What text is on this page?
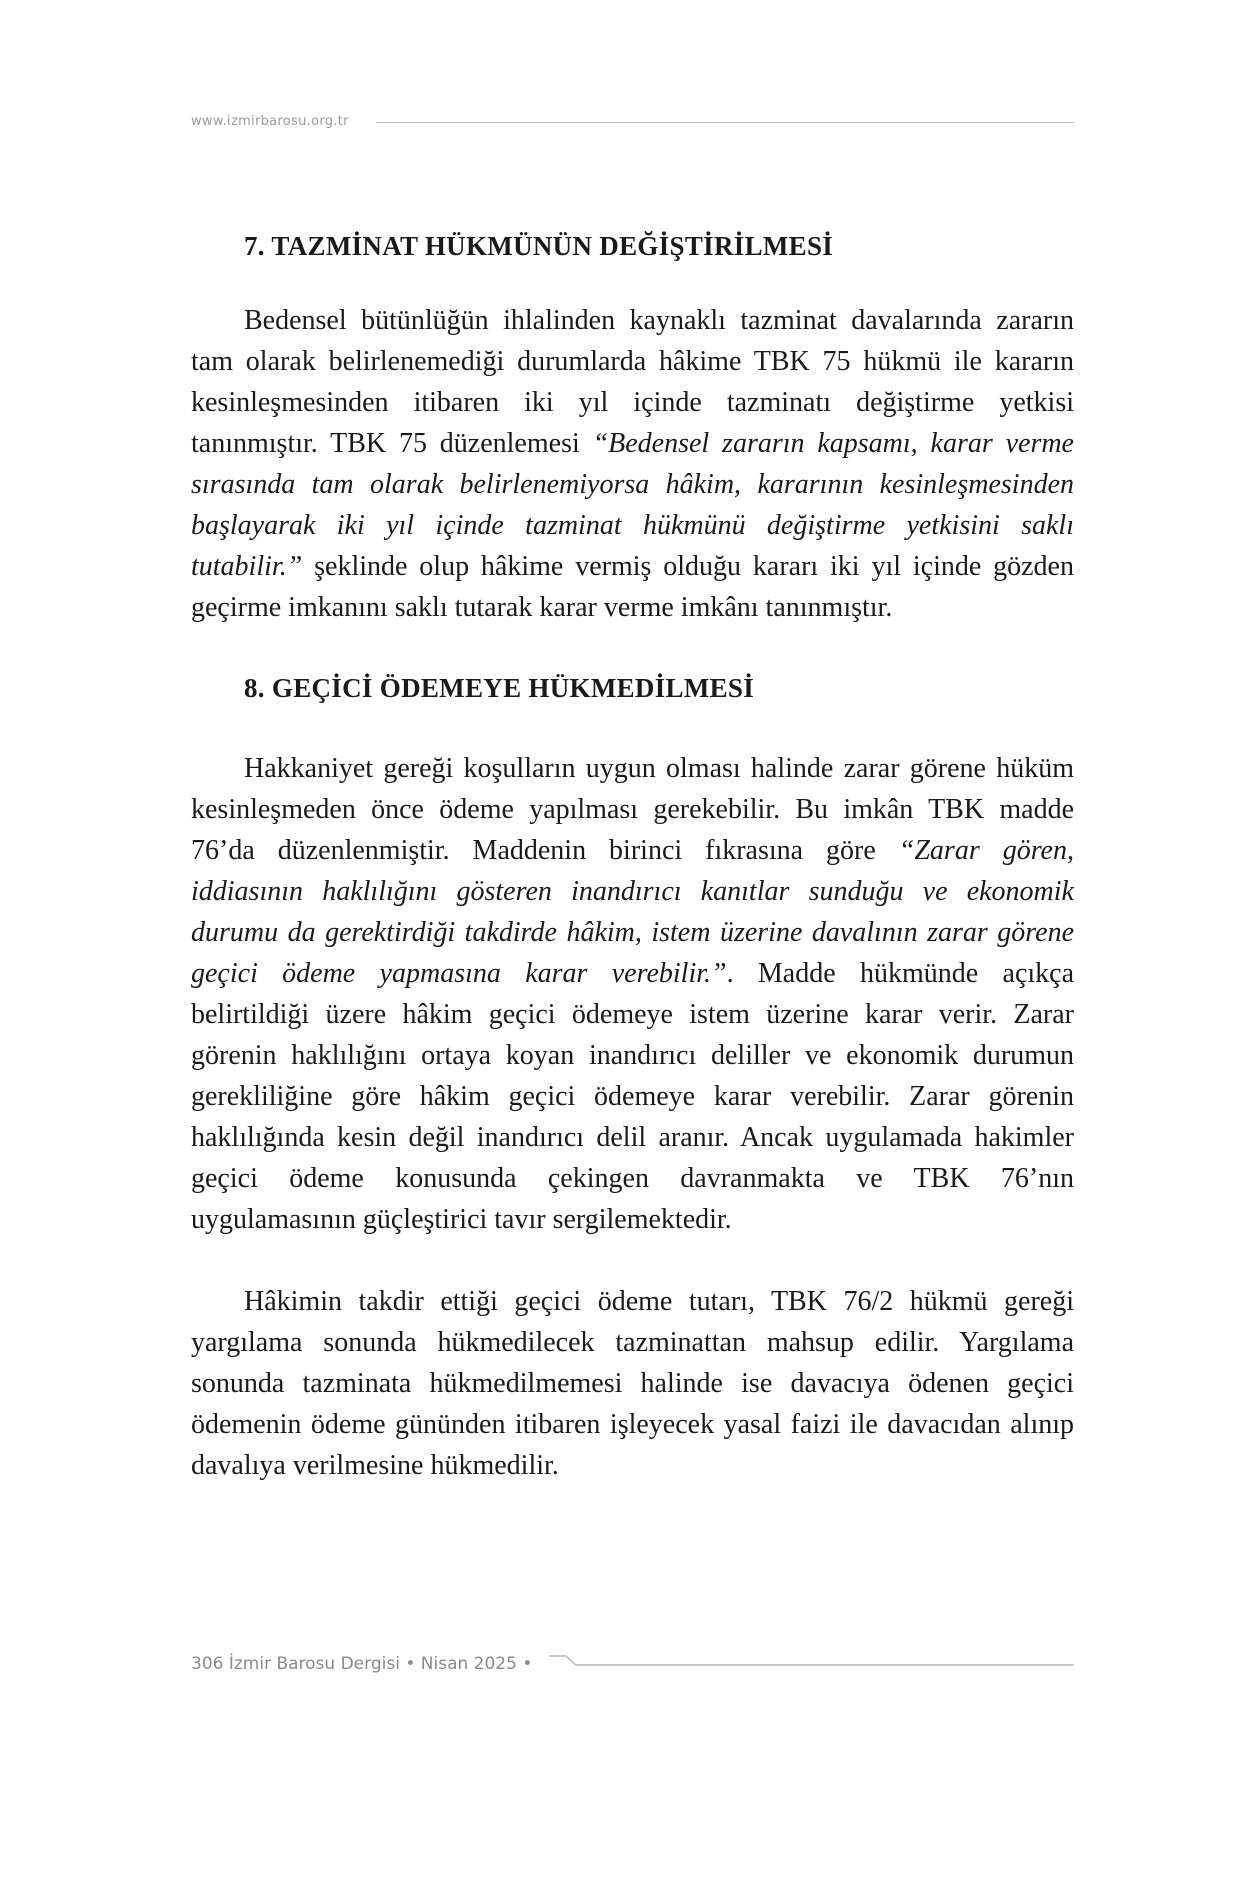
www.izmirbarosu.org.tr
7. TAZMİNAT HÜKMÜNÜN DEĞİŞTİRİLMESİ

Bedensel bütünlüğün ihlalinden kaynaklı tazminat davalarında zararın tam olarak belirlenemediği durumlarda hâkime TBK 75 hükmü ile kararın kesinleşmesinden itibaren iki yıl içinde tazminatı değiştirme yetkisi tanınmıştır. TBK 75 düzenlemesi “Bedensel zararın kapsamı, karar verme sırasında tam olarak belirlenemiyorsa hâkim, kararının kesinleşmesinden başlayarak iki yıl içinde tazminat hükmünü değiştirme yetkisini saklı tutabilir.” şeklinde olup hâkime vermiş olduğu kararı iki yıl içinde gözden geçirme imkanını saklı tutarak karar verme imkânı tanınmıştır.

8. GEÇİCİ ÖDEMEYE HÜKMEDİLMESİ

Hakkaniyet gereği koşulların uygun olması halinde zarar görene hüküm kesinleşmeden önce ödeme yapılması gerekebilir. Bu imkân TBK madde 76’da düzenlenmiştir. Maddenin birinci fıkrasına göre “Zarar gören, iddiasının haklılığını gösteren inandırıcı kanıtlar sunduğu ve ekonomik durumu da gerektirdiği takdirde hâkim, istem üzerine davalının zarar görene geçici ödeme yapmasına karar verebilir.”. Madde hükmünde açıkça belirtildiği üzere hâkim geçici ödemeye istem üzerine karar verir. Zarar görenin haklılığını ortaya koyan inandırıcı deliller ve ekonomik durumun gerekliliğine göre hâkim geçici ödemeye karar verebilir. Zarar görenin haklılığında kesin değil inandırıcı delil aranır. Ancak uygulamada hakimler geçici ödeme konusunda çekingen davranmakta ve TBK 76’nın uygulamasının güçleştirici tavır sergilemektedir.

Hâkimin takdir ettiği geçici ödeme tutarı, TBK 76/2 hükmü gereği yargılama sonunda hükmedilecek tazminattan mahsup edilir. Yargılama sonunda tazminata hükmedilmemesi halinde ise davacıya ödenen geçici ödemenin ödeme gününden itibaren işleyecek yasal faizi ile davacıdan alınıp davalıya verilmesine hükmedilir.

306 İzmir Barosu Dergisi • Nisan 2025 •
